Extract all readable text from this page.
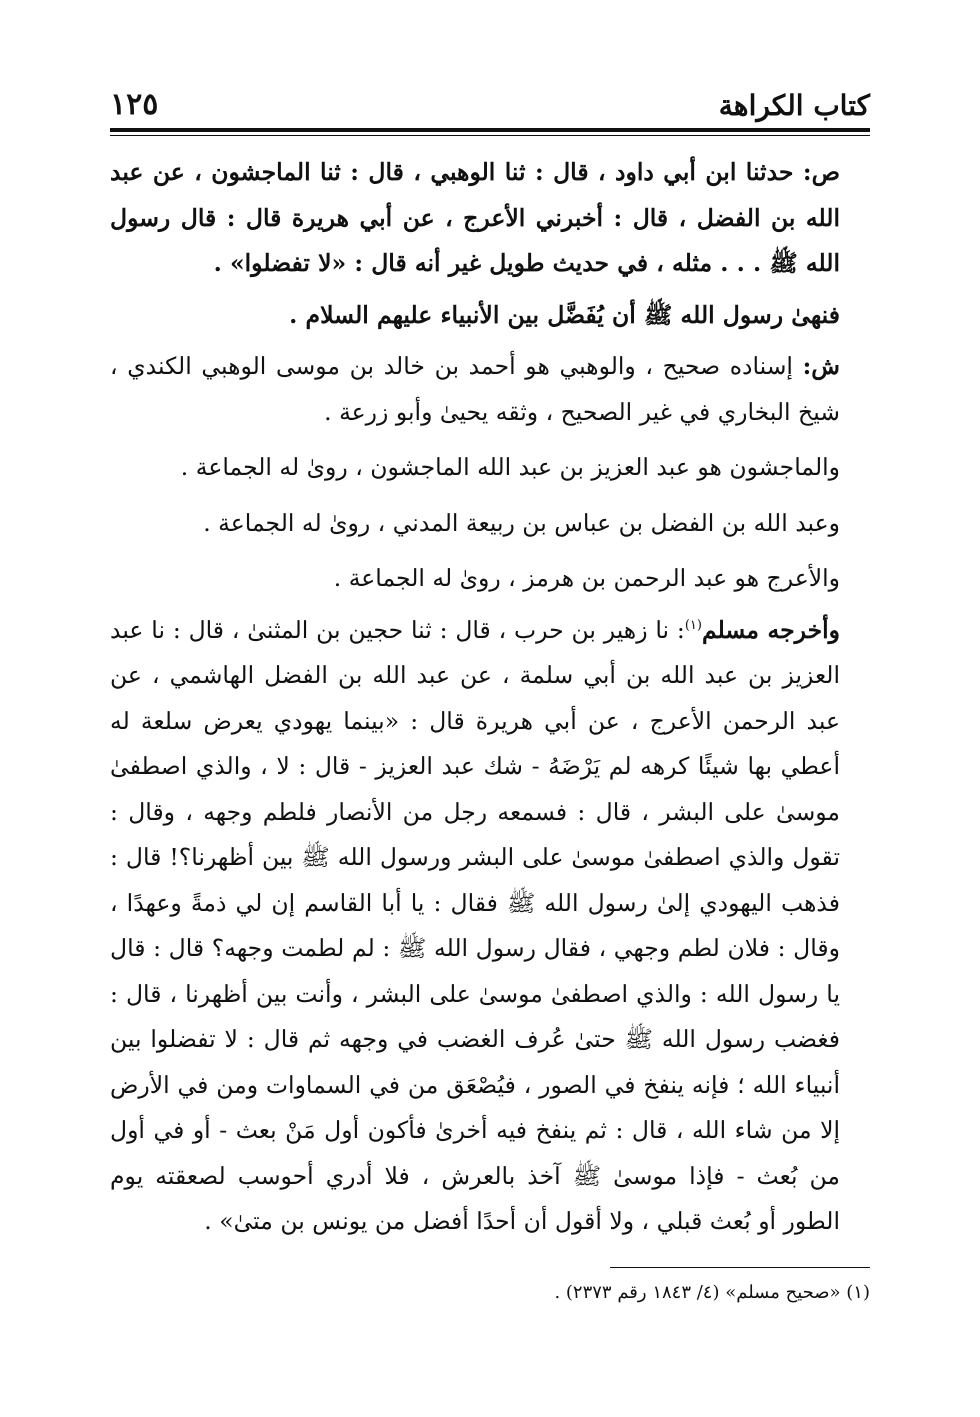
كتاب الكراهة
١٢٥

ص: حدثنا ابن أبي داود ، قال : ثنا الوهبي ، قال : ثنا الماجشون ، عن عبد الله بن الفضل ، قال : أخبرني الأعرج ، عن أبي هريرة قال : قال رسول الله ﷺ . . . مثله ، في حديث طويل غير أنه قال : «لا تفضلوا» .

فنهىٰ رسول الله ﷺ أن يُفَضَّل بين الأنبياء عليهم السلام .

ش: إسناده صحيح ، والوهبي هو أحمد بن خالد بن موسى الوهبي الكندي ، شيخ البخاري في غير الصحيح ، وثقه يحيىٰ وأبو زرعة .

والماجشون هو عبد العزيز بن عبد الله الماجشون ، روىٰ له الجماعة .

وعبد الله بن الفضل بن عباس بن ربيعة المدني ، روىٰ له الجماعة .

والأعرج هو عبد الرحمن بن هرمز ، روىٰ له الجماعة .

وأخرجه مسلم$^{(١)}$: نا زهير بن حرب ، قال : ثنا حجين بن المثنىٰ ، قال : نا عبد العزيز بن عبد الله بن أبي سلمة ، عن عبد الله بن الفضل الهاشمي ، عن عبد الرحمن الأعرج ، عن أبي هريرة قال : «بينما يهودي يعرض سلعة له أعطي بها شيئًا كرهه لم يَرْضَهُ - شك عبد العزيز - قال : لا ، والذي اصطفىٰ موسىٰ على البشر ، قال : فسمعه رجل من الأنصار فلطم وجهه ، وقال : تقول والذي اصطفىٰ موسىٰ على البشر ورسول الله ﷺ بين أظهرنا؟! قال : فذهب اليهودي إلىٰ رسول الله ﷺ فقال : يا أبا القاسم إن لي ذمةً وعهدًا ، وقال : فلان لطم وجهي ، فقال رسول الله ﷺ : لم لطمت وجهه؟ قال : قال يا رسول الله : والذي اصطفىٰ موسىٰ على البشر ، وأنت بين أظهرنا ، قال : فغضب رسول الله ﷺ حتىٰ عُرف الغضب في وجهه ثم قال : لا تفضلوا بين أنبياء الله ؛ فإنه ينفخ في الصور ، فيُصْعَق من في السماوات ومن في الأرض إلا من شاء الله ، قال : ثم ينفخ فيه أخرىٰ فأكون أول مَنْ بعث - أو في أول من بُعث - فإذا موسىٰ ﷺ آخذ بالعرش ، فلا أدري أحوسب لصعقته يوم الطور أو بُعث قبلي ، ولا أقول أن أحدًا أفضل من يونس بن متىٰ» .

(١) «صحيح مسلم» (٤/ ١٨٤٣ رقم ٢٣٧٣) .
